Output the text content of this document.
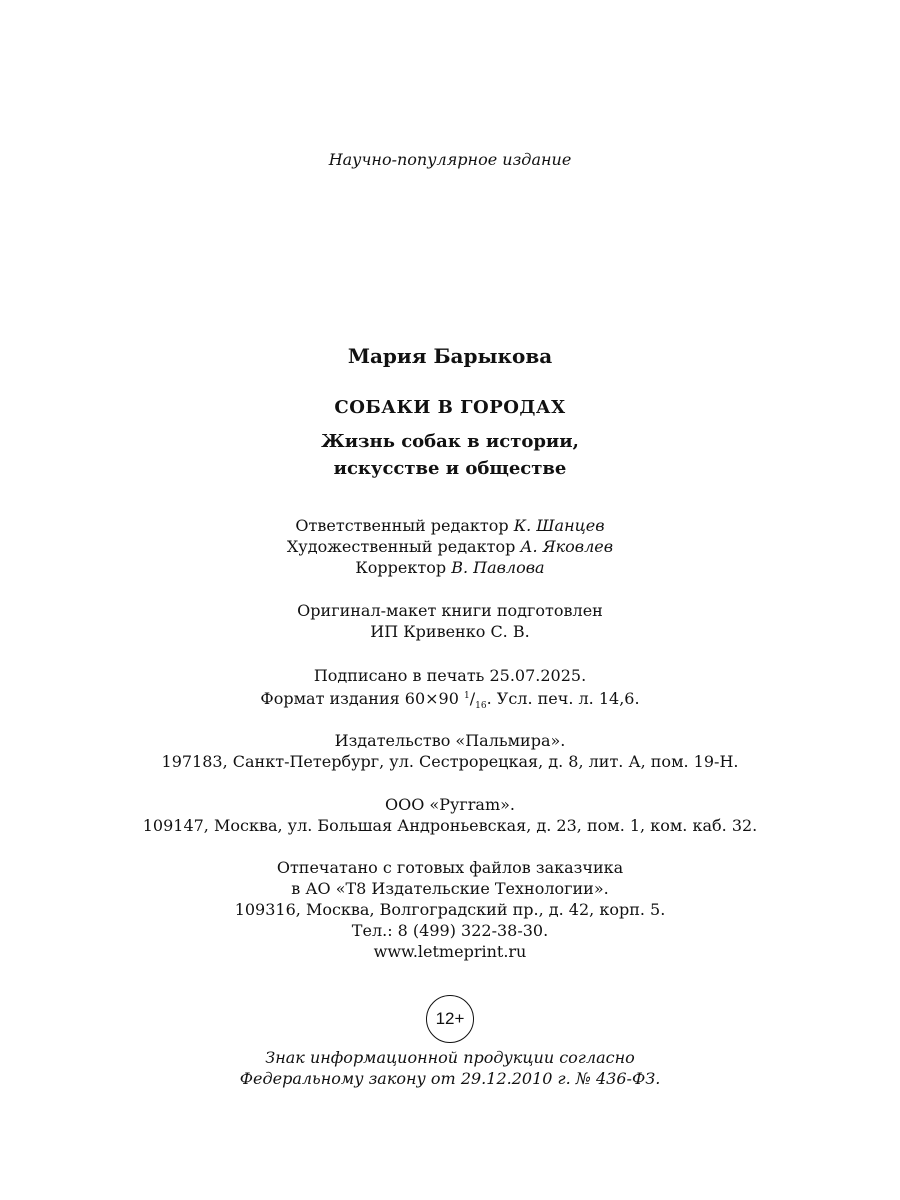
Научно-популярное издание
Мария Барыкова
СОБАКИ В ГОРОДАХ
Жизнь собак в истории,
искусстве и обществе
Ответственный редактор К. Шанцев
Художественный редактор А. Яковлев
Корректор В. Павлова
Оригинал-макет книги подготовлен
ИП Кривенко С. В.
Подписано в печать 25.07.2025.
Формат издания 60×90 $^1/_{16}$. Усл. печ. л. 14,6.
Издательство «Пальмира».
197183, Санкт-Петербург, ул. Сестрорецкая, д. 8, лит. А, пом. 19-Н.
ООО «Ругram».
109147, Москва, ул. Большая Андроньевская, д. 23, пом. 1, ком. каб. 32.
Отпечатано с готовых файлов заказчика
в АО «Т8 Издательские Технологии».
109316, Москва, Волгоградский пр., д. 42, корп. 5.
Тел.: 8 (499) 322-38-30.
www.letmeprint.ru
12+
Знак информационной продукции согласно
Федеральному закону от 29.12.2010 г. № 436-ФЗ.
